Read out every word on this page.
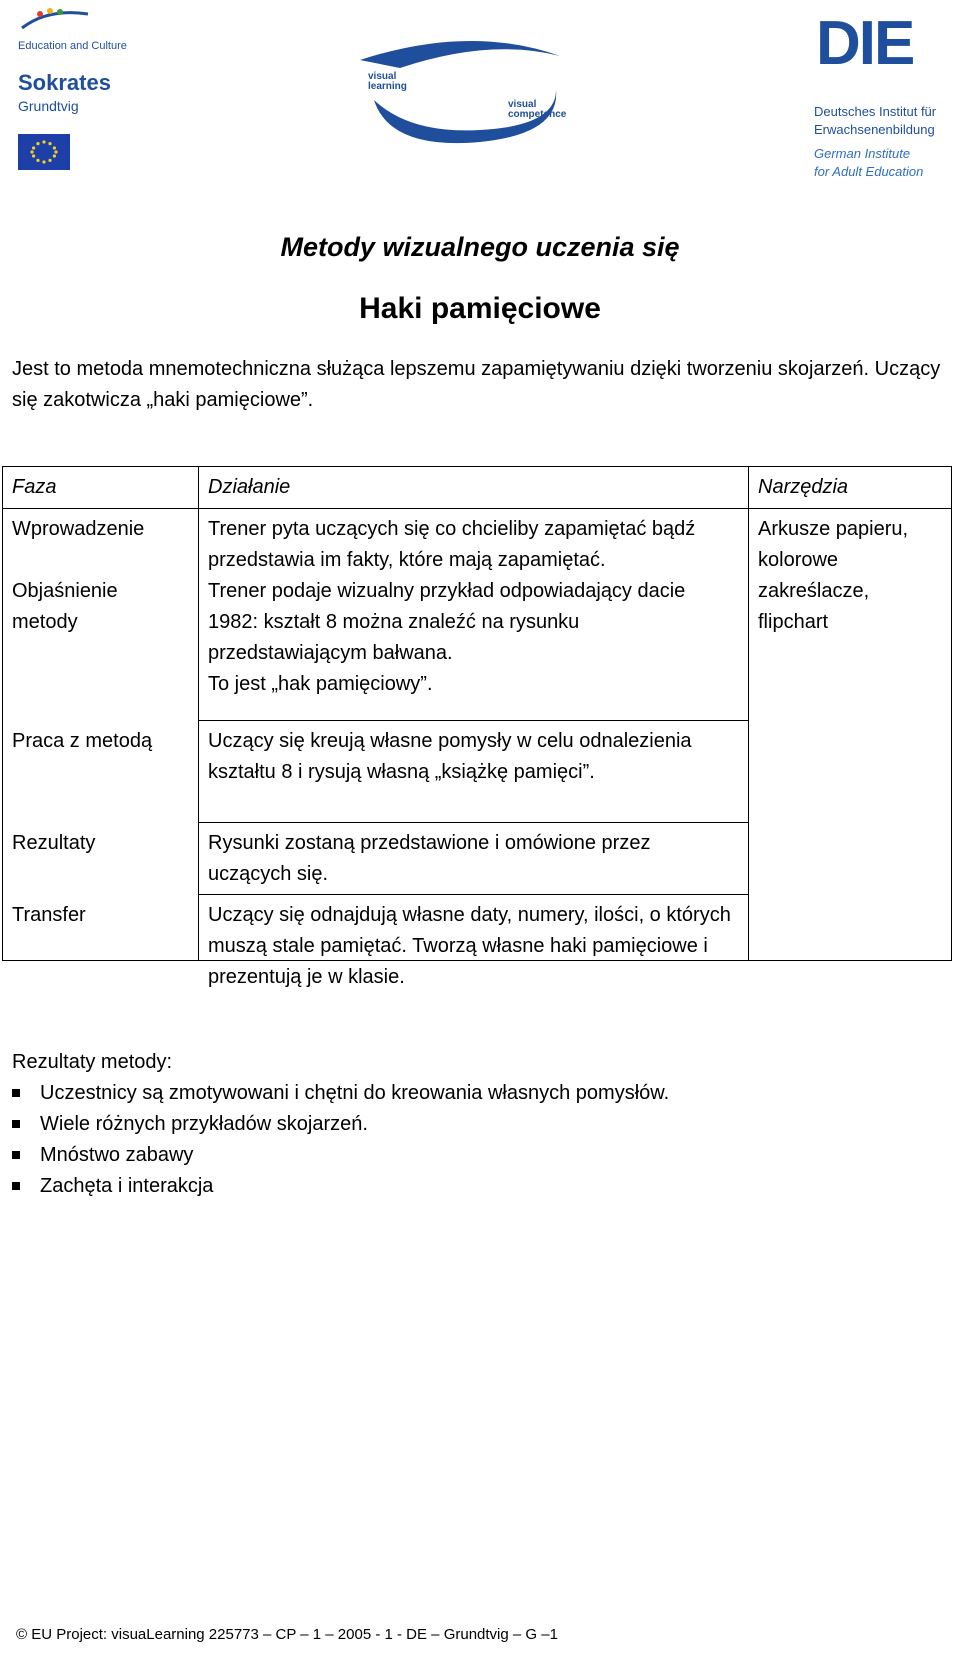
Education and Culture
Sokrates
Grundtvig
visual
learning
visual
competence
DIE
Deutsches Institut für
Erwachsenenbildung
German Institute
for Adult Education
Metody wizualnego uczenia się
Haki pamięciowe
Jest to metoda mnemotechniczna służąca lepszemu zapamiętywaniu dzięki tworzeniu skojarzeń. Uczący się zakotwicza „haki pamięciowe”.
Faza	Działanie	Narzędzia
Wprowadzenie
Objaśnienie metody
Praca z metodą
Rezultaty
Transfer
Trener pyta uczących się co chcieliby zapamiętać bądź przedstawia im fakty, które mają zapamiętać.
Trener podaje wizualny przykład odpowiadający dacie 1982: kształt 8 można znaleźć na rysunku przedstawiającym bałwana.
To jest „hak pamięciowy”.
Uczący się kreują własne pomysły w celu odnalezienia kształtu 8 i rysują własną „książkę pamięci”.
Rysunki zostaną przedstawione i omówione przez uczących się.
Uczący się odnajdują własne daty, numery, ilości, o których muszą stale pamiętać. Tworzą własne haki pamięciowe i prezentują je w klasie.
Arkusze papieru, kolorowe zakreślacze, flipchart
Rezultaty metody:
Uczestnicy są zmotywowani i chętni do kreowania własnych pomysłów.
Wiele różnych przykładów skojarzeń.
Mnóstwo zabawy
Zachęta i interakcja
© EU Project: visuaLearning 225773 – CP – 1 – 2005 - 1 - DE – Grundtvig – G –1
